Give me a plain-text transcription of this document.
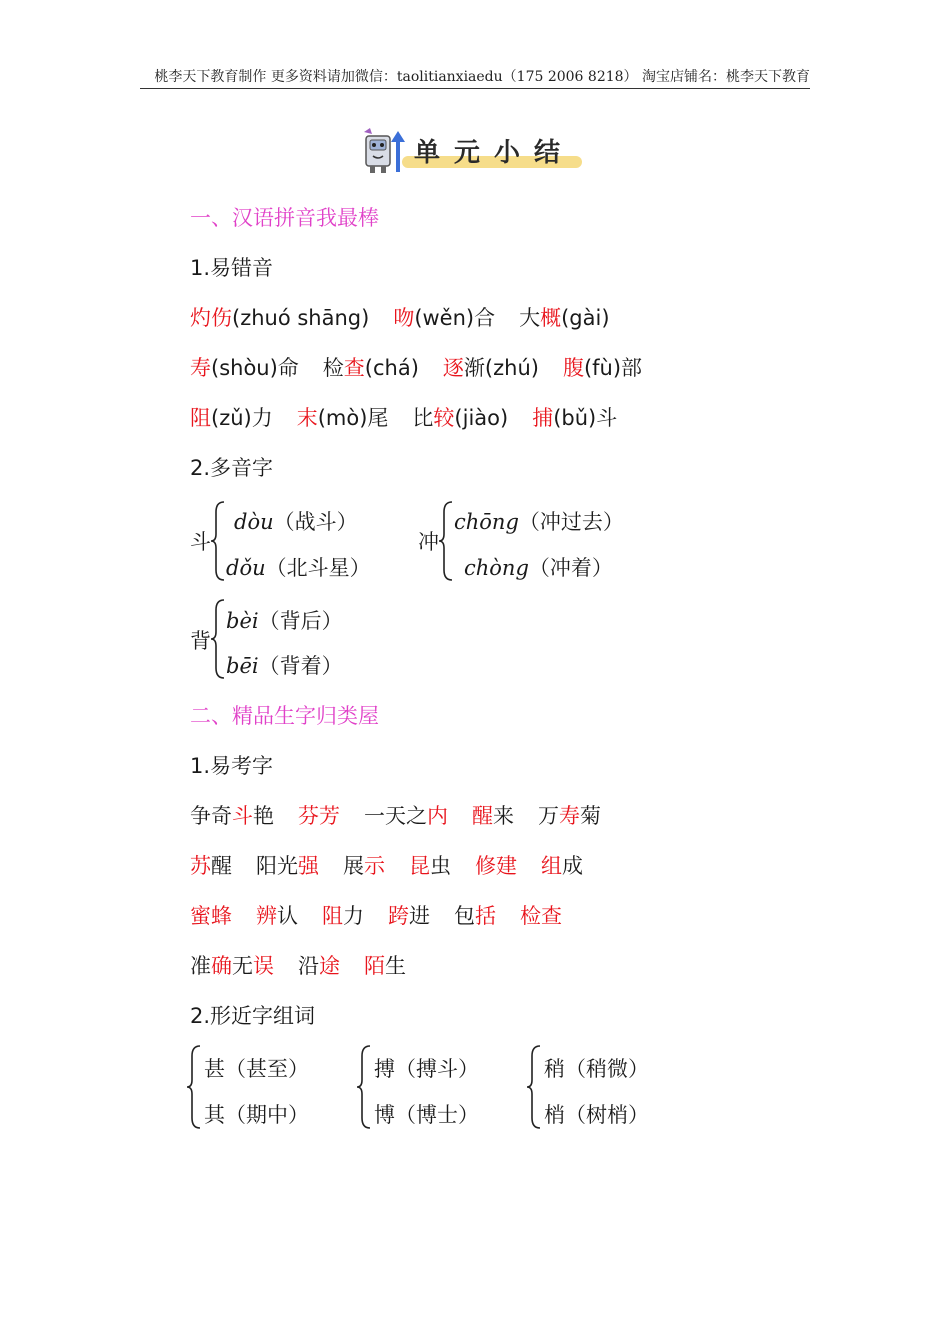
桃李天下教育制作 更多资料请加微信：taolitianxiaedu（175 2006 8218） 淘宝店铺名：桃李天下教育
单元小结
一、汉语拼音我最棒
1.易错音
灼伤(zhuó shāng) 吻(wěn)合 大概(gài)
寿(shòu)命 检查(chá) 逐渐(zhú) 腹(fù)部
阻(zǔ)力 末(mò)尾 比较(jiào) 捕(bǔ)斗
2.多音字
斗
dòu（战斗）
dǒu（北斗星）
冲
chōng（冲过去）
chòng（冲着）
背
bèi（背后）
bēi（背着）
二、精品生字归类屋
1.易考字
争奇斗艳 芬芳 一天之内 醒来 万寿菊
苏醒 阳光强 展示 昆虫 修建 组成
蜜蜂 辨认 阻力 跨进 包括 检查
准确无误 沿途 陌生
2.形近字组词
甚（甚至）
其（期中）
搏（搏斗）
博（博士）
稍（稍微）
梢（树梢）
